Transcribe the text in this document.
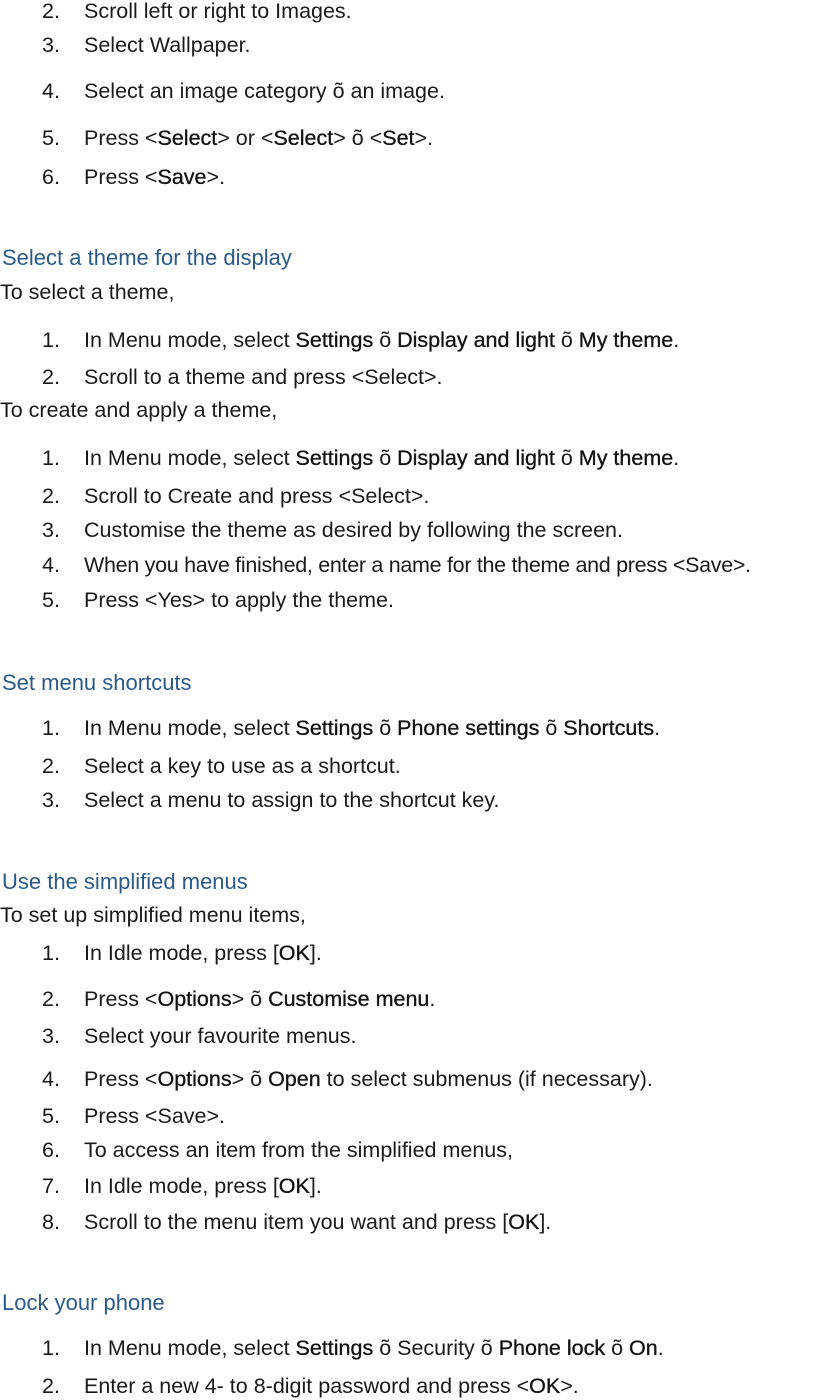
2. Scroll left or right to Images.
3. Select Wallpaper.
4. Select an image category õ an image.
5. Press <Select> or <Select> õ <Set>.
6. Press <Save>.
Select a theme for the display
To select a theme,
1. In Menu mode, select Settings õ Display and light õ My theme.
2. Scroll to a theme and press <Select>.
To create and apply a theme,
1. In Menu mode, select Settings õ Display and light õ My theme.
2. Scroll to Create and press <Select>.
3. Customise the theme as desired by following the screen.
4. When you have finished, enter a name for the theme and press <Save>.
5. Press <Yes> to apply the theme.
Set menu shortcuts
1. In Menu mode, select Settings õ Phone settings õ Shortcuts.
2. Select a key to use as a shortcut.
3. Select a menu to assign to the shortcut key.
Use the simplified menus
To set up simplified menu items,
1. In Idle mode, press [OK].
2. Press <Options> õ Customise menu.
3. Select your favourite menus.
4. Press <Options> õ Open to select submenus (if necessary).
5. Press <Save>.
6. To access an item from the simplified menus,
7. In Idle mode, press [OK].
8. Scroll to the menu item you want and press [OK].
Lock your phone
1. In Menu mode, select Settings õ Security õ Phone lock õ On.
2. Enter a new 4- to 8-digit password and press <OK>.
